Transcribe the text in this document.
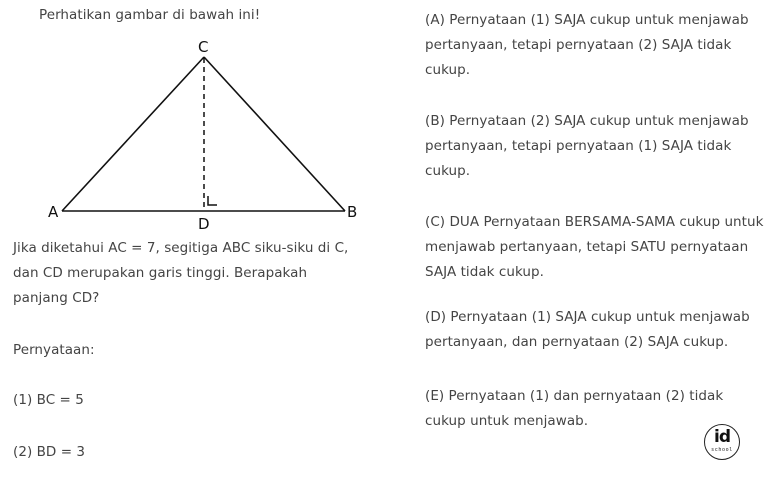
Perhatikan gambar di bawah ini!
C
A	B
D
Jika diketahui AC = 7, segitiga ABC siku-siku di C,
dan CD merupakan garis tinggi. Berapakah
panjang CD?
Pernyataan:
(1) BC = 5
(2) BD = 3
(A) Pernyataan (1) SAJA cukup untuk menjawab
pertanyaan, tetapi pernyataan (2) SAJA tidak
cukup.
(B) Pernyataan (2) SAJA cukup untuk menjawab
pertanyaan, tetapi pernyataan (1) SAJA tidak
cukup.
(C) DUA Pernyataan BERSAMA-SAMA cukup untuk
menjawab pertanyaan, tetapi SATU pernyataan
SAJA tidak cukup.
(D) Pernyataan (1) SAJA cukup untuk menjawab
pertanyaan, dan pernyataan (2) SAJA cukup.
(E) Pernyataan (1) dan pernyataan (2) tidak
cukup untuk menjawab.
id
school
